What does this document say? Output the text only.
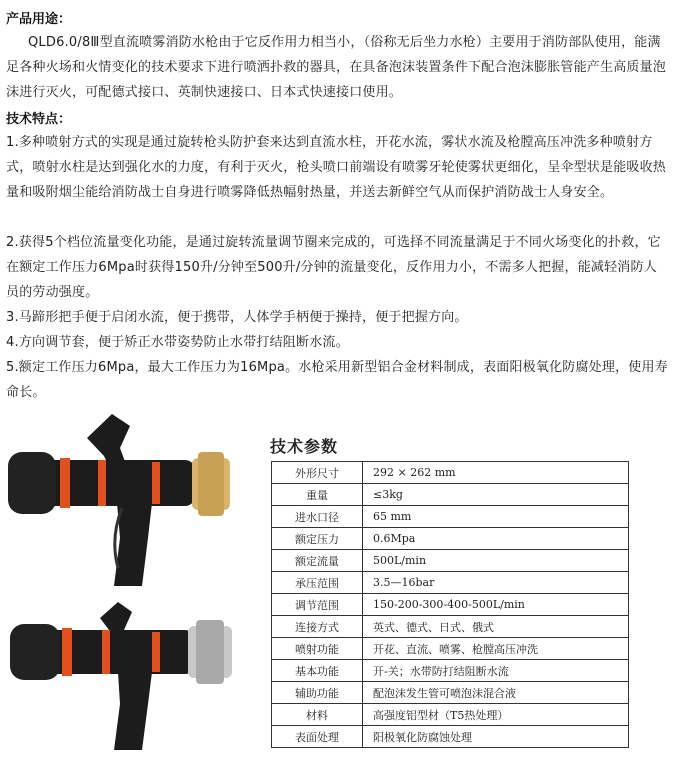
产品用途：
QLD6.0/8Ⅲ型直流喷雾消防水枪由于它反作用力相当小，（俗称无后坐力水枪）主要用于消防部队使用，能满足各种火场和火情变化的技术要求下进行喷洒扑救的器具，在具备泡沫装置条件下配合泡沫膨胀管能产生高质量泡沫进行灭火，可配德式接口、英制快速接口、日本式快速接口使用。
技术特点：
1.多种喷射方式的实现是通过旋转枪头防护套来达到直流水柱，开花水流，雾状水流及枪膛高压冲洗多种喷射方式，喷射水柱是达到强化水的力度，有利于灭火，枪头喷口前端设有喷雾牙轮使雾状更细化，呈伞型状是能吸收热量和吸附烟尘能给消防战士自身进行喷雾降低热幅射热量，并送去新鲜空气从而保护消防战士人身安全。
2.获得5个档位流量变化功能，是通过旋转流量调节圈来完成的，可选择不同流量满足于不同火场变化的扑救，它在额定工作压力6Mpa时获得150升/分钟至500升/分钟的流量变化，反作用力小，不需多人把握，能减轻消防人员的劳动强度。
3.马蹄形把手便于启闭水流，便于携带，人体学手柄便于操持，便于把握方向。
4.方向调节套，便于矫正水带姿势防止水带打结阻断水流。
5.额定工作压力6Mpa，最大工作压力为16Mpa。水枪采用新型铝合金材料制成，表面阳极氧化防腐处理，使用寿命长。
技术参数
外形尺寸	292 × 262 mm
重量	≤3kg
进水口径	65 mm
额定压力	0.6Mpa
额定流量	500L/min
承压范围	3.5—16bar
调节范围	150-200-300-400-500L/min
连接方式	英式、德式、日式、俄式
喷射功能	开花、直流、喷雾、枪膛高压冲洗
基本功能	开-关；水带防打结阻断水流
辅助功能	配泡沫发生管可喷泡沫混合液
材料	高强度铝型材（T5热处理）
表面处理	阳极氧化防腐蚀处理
